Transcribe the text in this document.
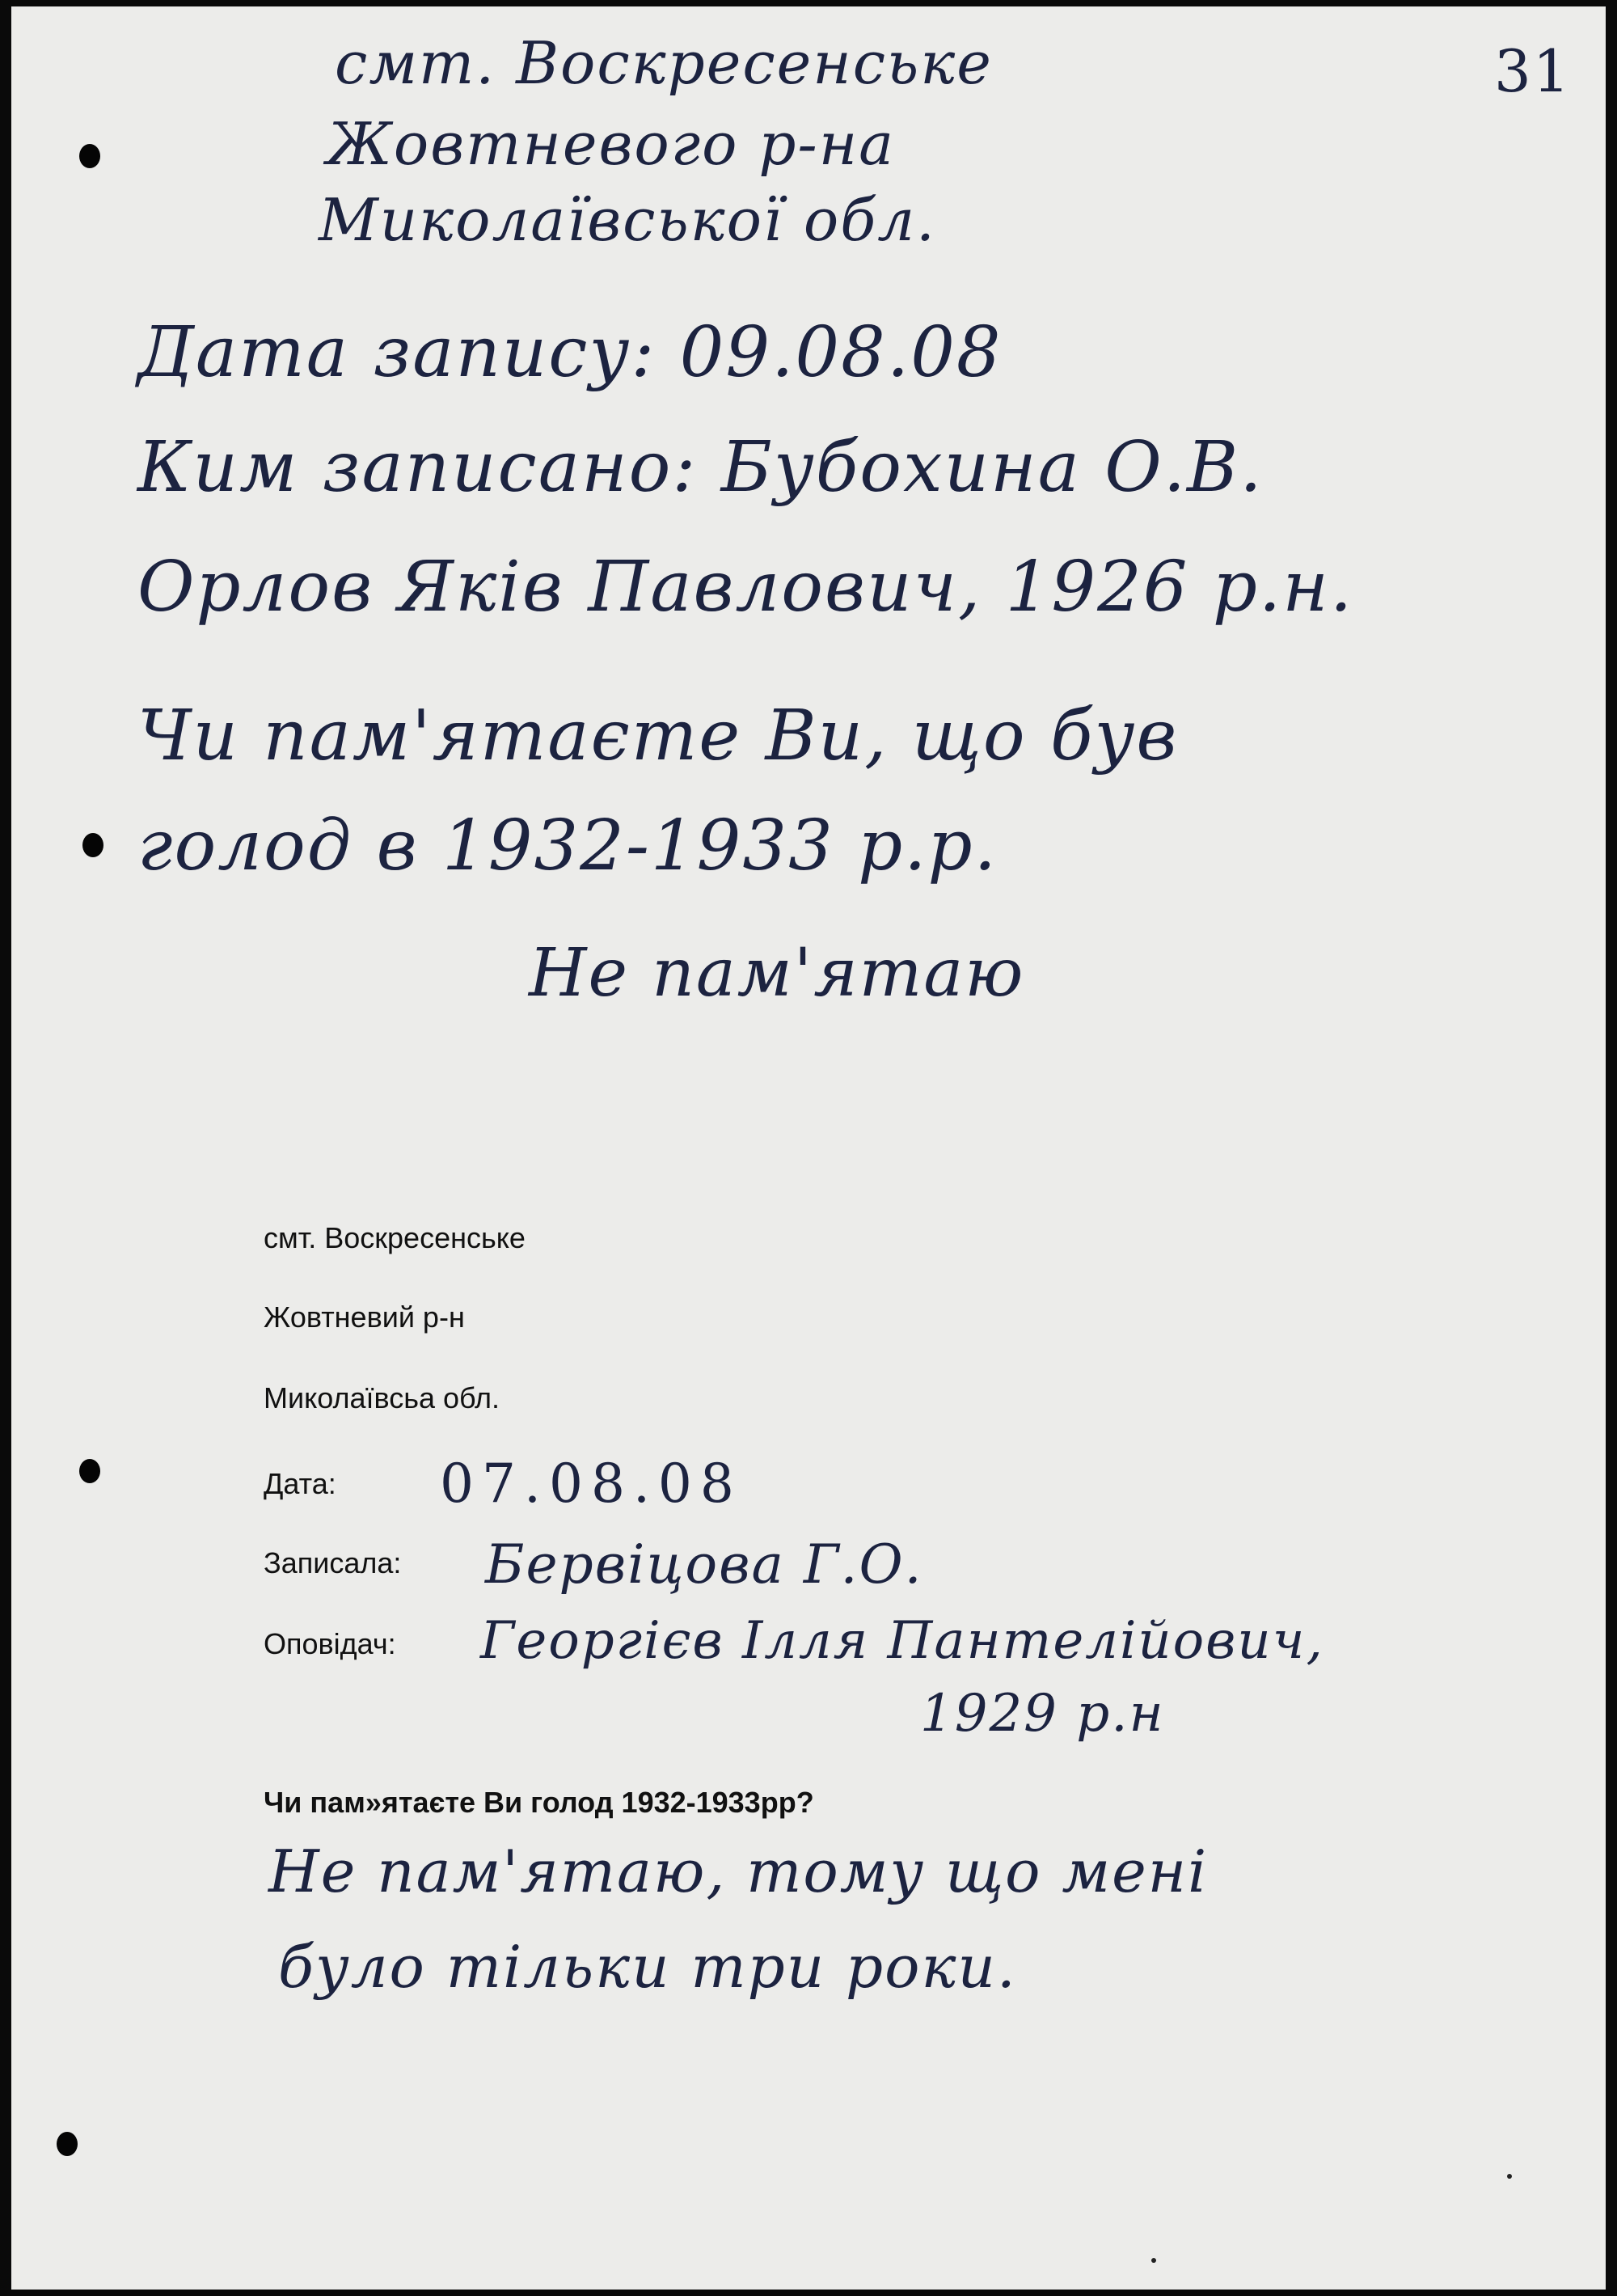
31
смт. Воскресенське
Жовтневого р-на
Миколаївської обл.
Дата запису: 09.08.08
Ким записано: Бубохина О.В.
Орлов Яків Павлович, 1926 р.н.
Чи пам'ятаєте Ви, що був
голод в 1932-1933 р.р.
Не пам'ятаю
смт. Воскресенське
Жовтневий р-н
Миколаївсьа обл.
Дата: 07.08.08
Записала: Бервіцова Г.О.
Оповідач: Георгієв Ілля Пантелійович,
1929 р.н
Чи пам»ятаєте Ви голод 1932-1933рр?
Не пам'ятаю, тому що мені
було тільки три роки.
